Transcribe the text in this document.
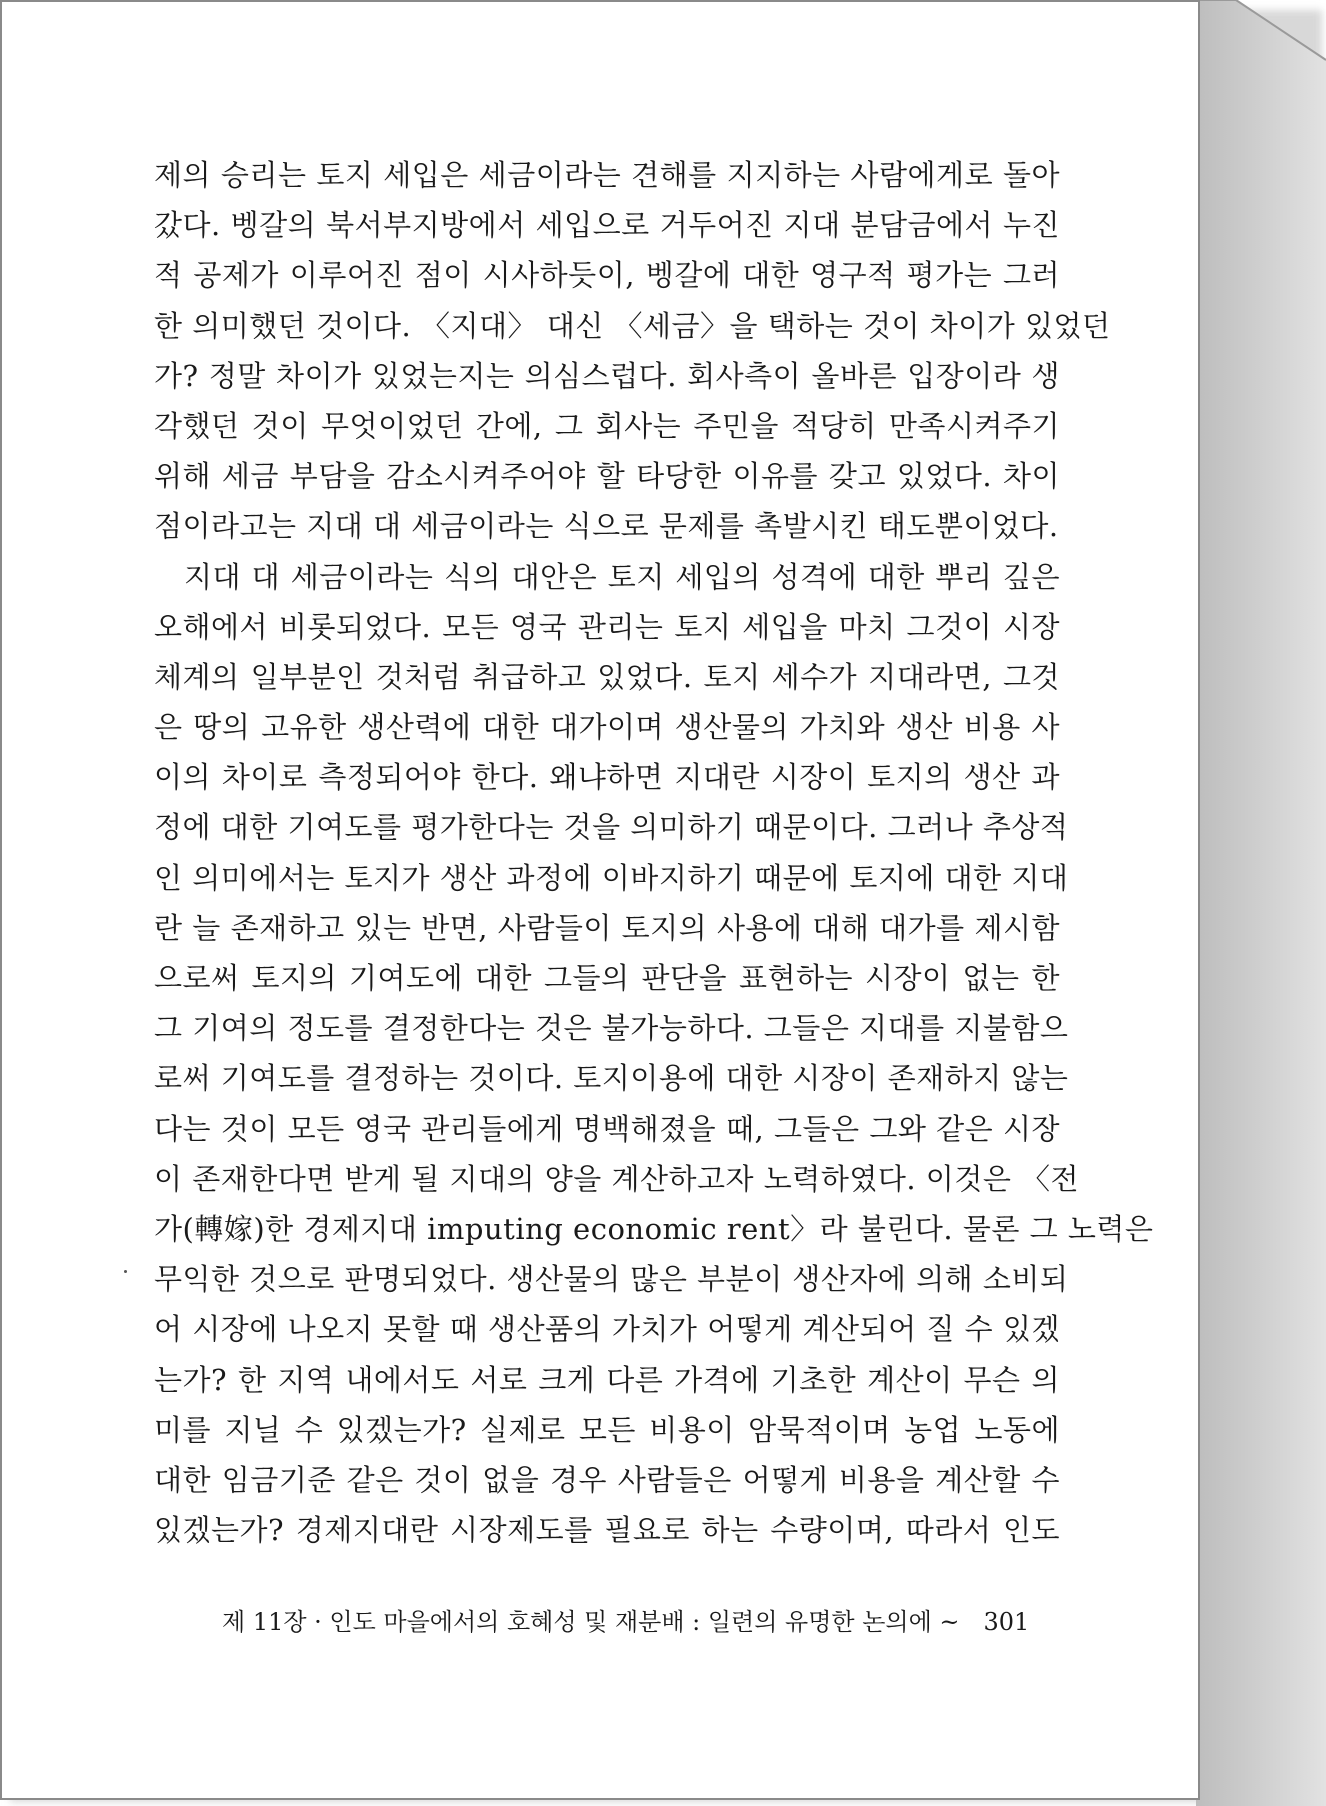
제의 승리는 토지 세입은 세금이라는 견해를 지지하는 사람에게로 돌아
갔다. 벵갈의 북서부지방에서 세입으로 거두어진 지대 분담금에서 누진
적 공제가 이루어진 점이 시사하듯이, 벵갈에 대한 영구적 평가는 그러
한 의미했던 것이다. 〈지대〉 대신 〈세금〉을 택하는 것이 차이가 있었던
가? 정말 차이가 있었는지는 의심스럽다. 회사측이 올바른 입장이라 생
각했던 것이 무엇이었던 간에, 그 회사는 주민을 적당히 만족시켜주기
위해 세금 부담을 감소시켜주어야 할 타당한 이유를 갖고 있었다. 차이
점이라고는 지대 대 세금이라는 식으로 문제를 촉발시킨 태도뿐이었다.
지대 대 세금이라는 식의 대안은 토지 세입의 성격에 대한 뿌리 깊은
오해에서 비롯되었다. 모든 영국 관리는 토지 세입을 마치 그것이 시장
체계의 일부분인 것처럼 취급하고 있었다. 토지 세수가 지대라면, 그것
은 땅의 고유한 생산력에 대한 대가이며 생산물의 가치와 생산 비용 사
이의 차이로 측정되어야 한다. 왜냐하면 지대란 시장이 토지의 생산 과
정에 대한 기여도를 평가한다는 것을 의미하기 때문이다. 그러나 추상적
인 의미에서는 토지가 생산 과정에 이바지하기 때문에 토지에 대한 지대
란 늘 존재하고 있는 반면, 사람들이 토지의 사용에 대해 대가를 제시함
으로써 토지의 기여도에 대한 그들의 판단을 표현하는 시장이 없는 한
그 기여의 정도를 결정한다는 것은 불가능하다. 그들은 지대를 지불함으
로써 기여도를 결정하는 것이다. 토지이용에 대한 시장이 존재하지 않는
다는 것이 모든 영국 관리들에게 명백해졌을 때, 그들은 그와 같은 시장
이 존재한다면 받게 될 지대의 양을 계산하고자 노력하였다. 이것은 〈전
가(轉嫁)한 경제지대 imputing economic rent〉라 불린다. 물론 그 노력은
무익한 것으로 판명되었다. 생산물의 많은 부분이 생산자에 의해 소비되
어 시장에 나오지 못할 때 생산품의 가치가 어떻게 계산되어 질 수 있겠
는가? 한 지역 내에서도 서로 크게 다른 가격에 기초한 계산이 무슨 의
미를 지닐 수 있겠는가? 실제로 모든 비용이 암묵적이며 농업 노동에
대한 임금기준 같은 것이 없을 경우 사람들은 어떻게 비용을 계산할 수
있겠는가? 경제지대란 시장제도를 필요로 하는 수량이며, 따라서 인도
제 11장 · 인도 마을에서의 호혜성 및 재분배 : 일련의 유명한 논의에 ~ 301
